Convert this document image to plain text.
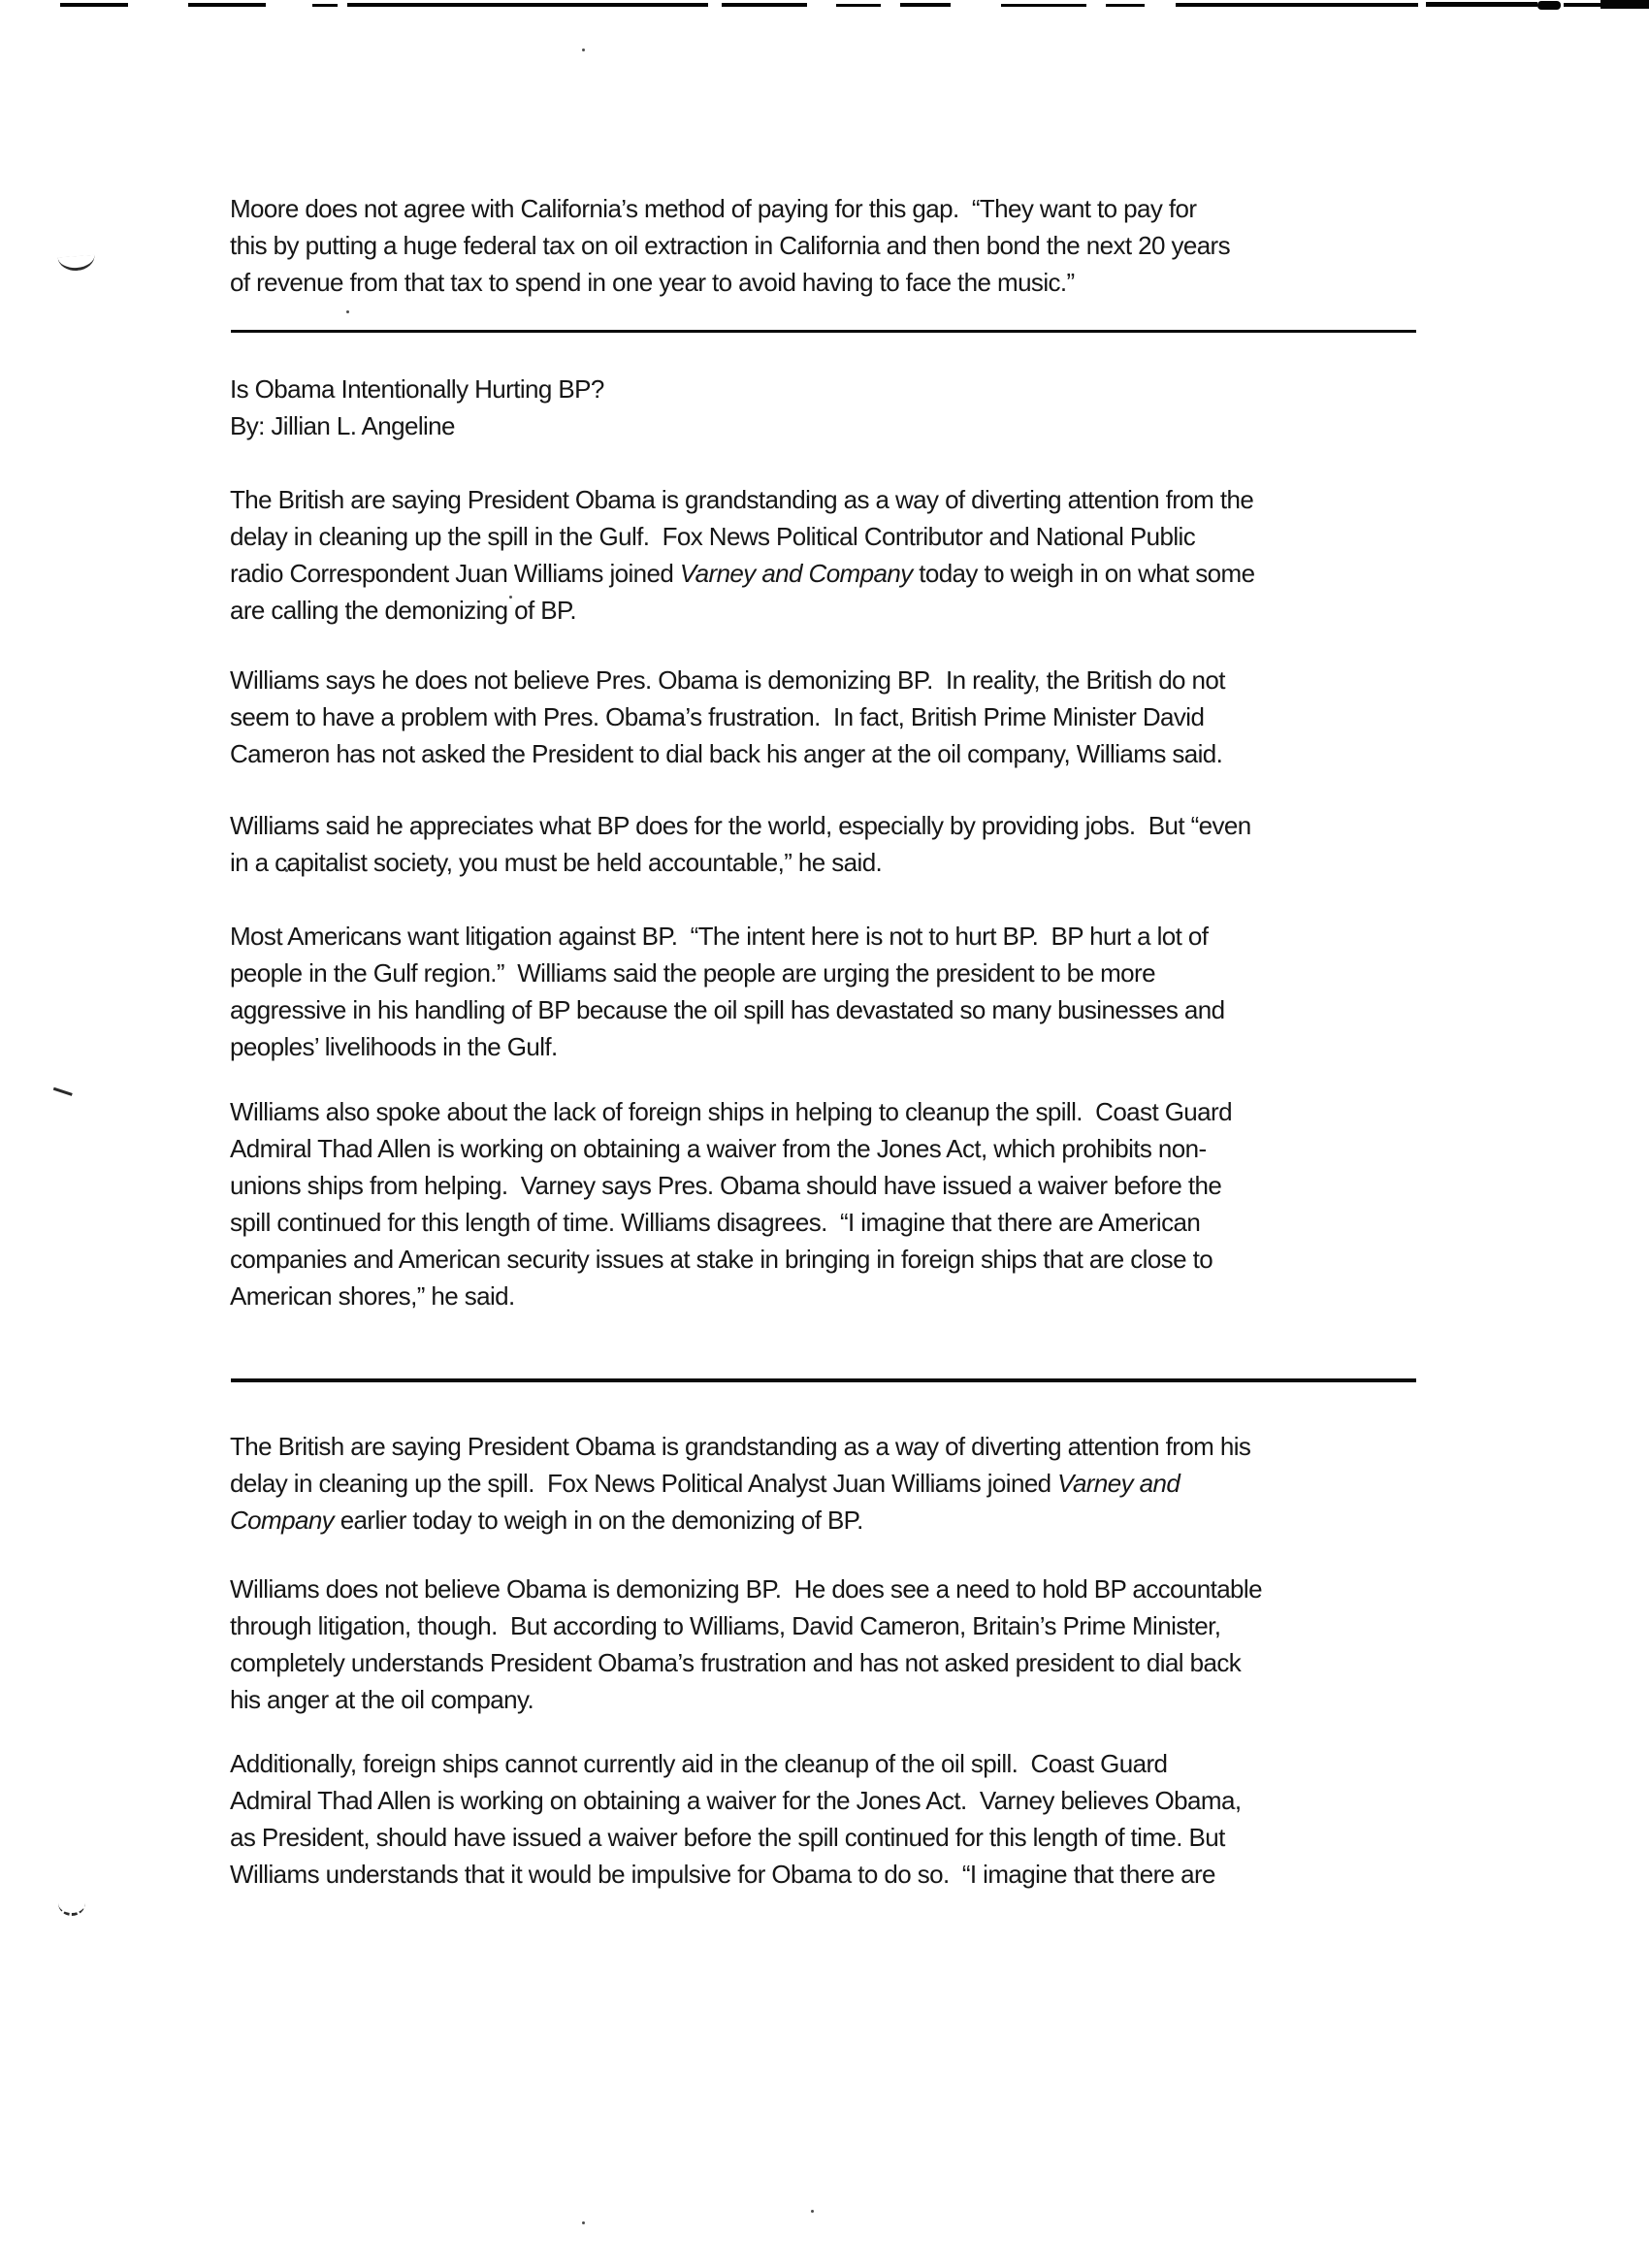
Moore does not agree with California’s method of paying for this gap.  “They want to pay for
this by putting a huge federal tax on oil extraction in California and then bond the next 20 years
of revenue from that tax to spend in one year to avoid having to face the music.”
Is Obama Intentionally Hurting BP?
By: Jillian L. Angeline
The British are saying President Obama is grandstanding as a way of diverting attention from the
delay in cleaning up the spill in the Gulf.  Fox News Political Contributor and National Public
radio Correspondent Juan Williams joined Varney and Company today to weigh in on what some
are calling the demonizing of BP.
Williams says he does not believe Pres. Obama is demonizing BP.  In reality, the British do not
seem to have a problem with Pres. Obama’s frustration.  In fact, British Prime Minister David
Cameron has not asked the President to dial back his anger at the oil company, Williams said.
Williams said he appreciates what BP does for the world, especially by providing jobs.  But “even
in a capitalist society, you must be held accountable,” he said.
Most Americans want litigation against BP.  “The intent here is not to hurt BP.  BP hurt a lot of
people in the Gulf region.”  Williams said the people are urging the president to be more
aggressive in his handling of BP because the oil spill has devastated so many businesses and
peoples’ livelihoods in the Gulf.
Williams also spoke about the lack of foreign ships in helping to cleanup the spill.  Coast Guard
Admiral Thad Allen is working on obtaining a waiver from the Jones Act, which prohibits non-
unions ships from helping.  Varney says Pres. Obama should have issued a waiver before the
spill continued for this length of time. Williams disagrees.  “I imagine that there are American
companies and American security issues at stake in bringing in foreign ships that are close to
American shores,” he said.
The British are saying President Obama is grandstanding as a way of diverting attention from his
delay in cleaning up the spill.  Fox News Political Analyst Juan Williams joined Varney and
Company earlier today to weigh in on the demonizing of BP.
Williams does not believe Obama is demonizing BP.  He does see a need to hold BP accountable
through litigation, though.  But according to Williams, David Cameron, Britain’s Prime Minister,
completely understands President Obama’s frustration and has not asked president to dial back
his anger at the oil company.
Additionally, foreign ships cannot currently aid in the cleanup of the oil spill.  Coast Guard
Admiral Thad Allen is working on obtaining a waiver for the Jones Act.  Varney believes Obama,
as President, should have issued a waiver before the spill continued for this length of time. But
Williams understands that it would be impulsive for Obama to do so.  “I imagine that there are
